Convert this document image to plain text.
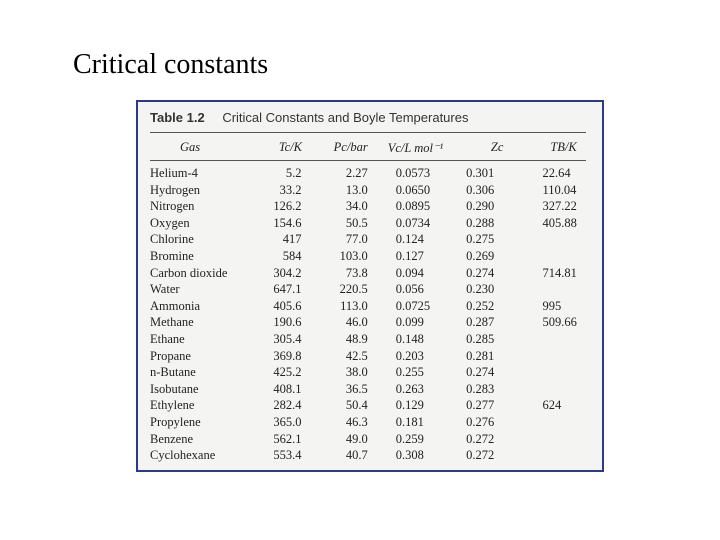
Critical constants
Table 1.2 Critical Constants and Boyle Temperatures
Gas	Tc/K	Pc/bar	Vc/L mol⁻¹	Zc	TB/K
Helium-4	5.2	2.27	0.0573	0.301	22.64
Hydrogen	33.2	13.0	0.0650	0.306	110.04
Nitrogen	126.2	34.0	0.0895	0.290	327.22
Oxygen	154.6	50.5	0.0734	0.288	405.88
Chlorine	417	77.0	0.124	0.275
Bromine	584	103.0	0.127	0.269
Carbon dioxide	304.2	73.8	0.094	0.274	714.81
Water	647.1	220.5	0.056	0.230
Ammonia	405.6	113.0	0.0725	0.252	995
Methane	190.6	46.0	0.099	0.287	509.66
Ethane	305.4	48.9	0.148	0.285
Propane	369.8	42.5	0.203	0.281
n-Butane	425.2	38.0	0.255	0.274
Isobutane	408.1	36.5	0.263	0.283
Ethylene	282.4	50.4	0.129	0.277	624
Propylene	365.0	46.3	0.181	0.276
Benzene	562.1	49.0	0.259	0.272
Cyclohexane	553.4	40.7	0.308	0.272
